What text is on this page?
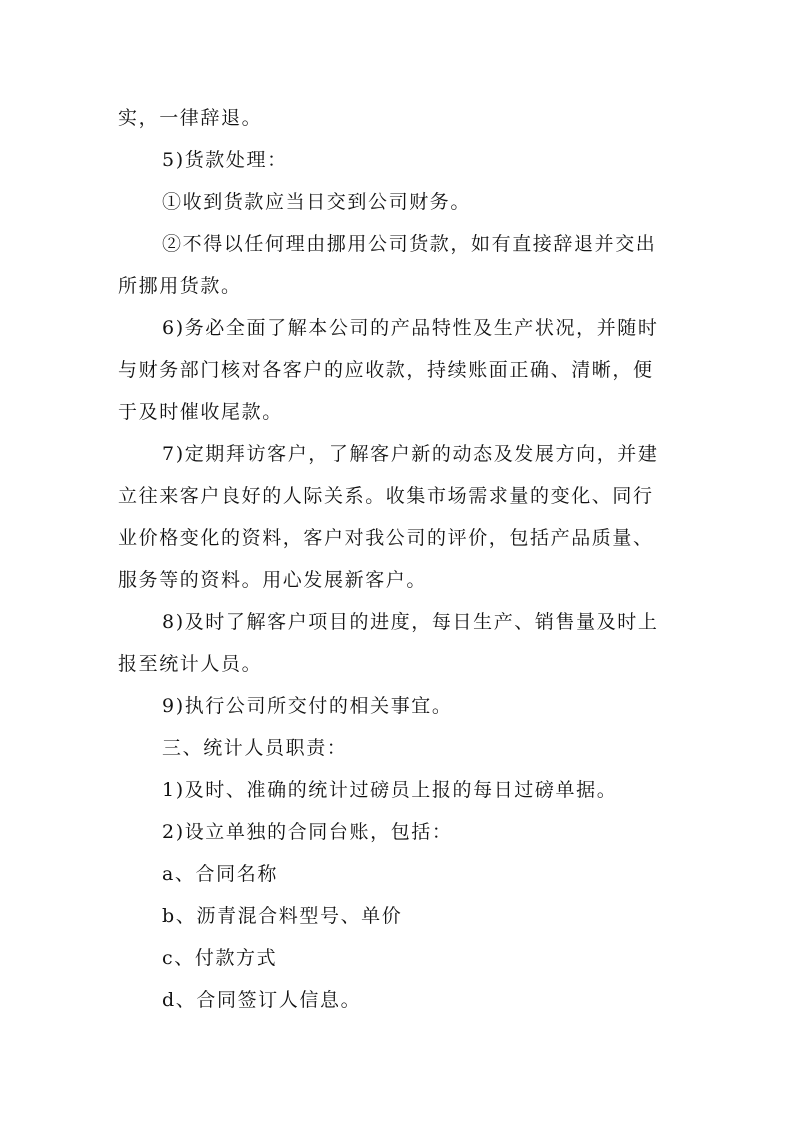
实，一律辞退。
5)货款处理：
①收到货款应当日交到公司财务。
②不得以任何理由挪用公司货款，如有直接辞退并交出
所挪用货款。
6)务必全面了解本公司的产品特性及生产状况，并随时
与财务部门核对各客户的应收款，持续账面正确、清晰，便
于及时催收尾款。
7)定期拜访客户，了解客户新的动态及发展方向，并建
立往来客户良好的人际关系。收集市场需求量的变化、同行
业价格变化的资料，客户对我公司的评价，包括产品质量、
服务等的资料。用心发展新客户。
8)及时了解客户项目的进度，每日生产、销售量及时上
报至统计人员。
9)执行公司所交付的相关事宜。
三、统计人员职责：
1)及时、准确的统计过磅员上报的每日过磅单据。
2)设立单独的合同台账，包括：
a、合同名称
b、沥青混合料型号、单价
c、付款方式
d、合同签订人信息。
